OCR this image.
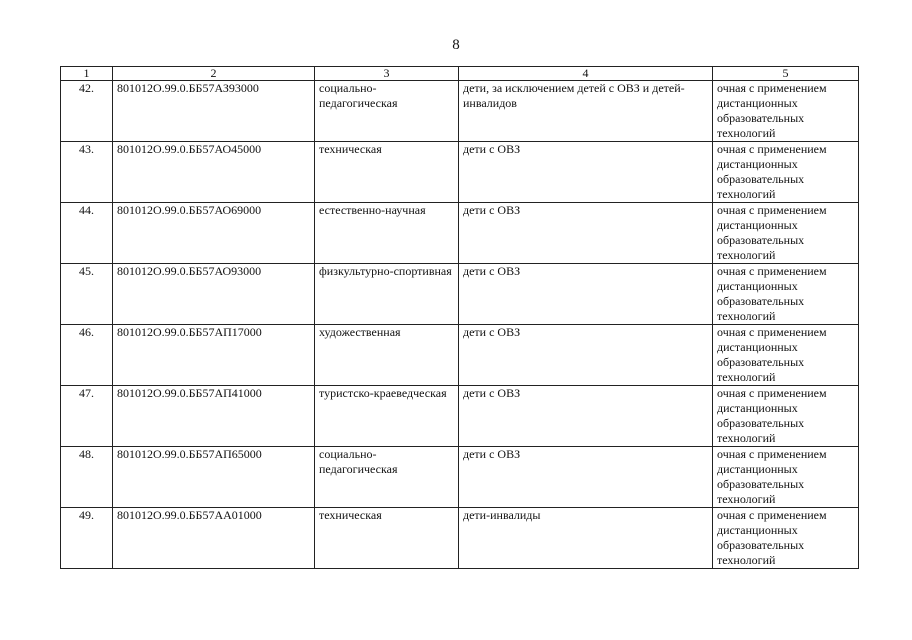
8
1	2	3	4	5
42.	801012О.99.0.ББ57АЗ93000	социально-педагогическая	дети, за исключением детей с ОВЗ и детей-инвалидов	очная с применением дистанционных образовательных технологий
43.	801012О.99.0.ББ57АО45000	техническая	дети с ОВЗ	очная с применением дистанционных образовательных технологий
44.	801012О.99.0.ББ57АО69000	естественно-научная	дети с ОВЗ	очная с применением дистанционных образовательных технологий
45.	801012О.99.0.ББ57АО93000	физкультурно-спортивная	дети с ОВЗ	очная с применением дистанционных образовательных технологий
46.	801012О.99.0.ББ57АП17000	художественная	дети с ОВЗ	очная с применением дистанционных образовательных технологий
47.	801012О.99.0.ББ57АП41000	туристско-краеведческая	дети с ОВЗ	очная с применением дистанционных образовательных технологий
48.	801012О.99.0.ББ57АП65000	социально-педагогическая	дети с ОВЗ	очная с применением дистанционных образовательных технологий
49.	801012О.99.0.ББ57АА01000	техническая	дети-инвалиды	очная с применением дистанционных образовательных технологий
